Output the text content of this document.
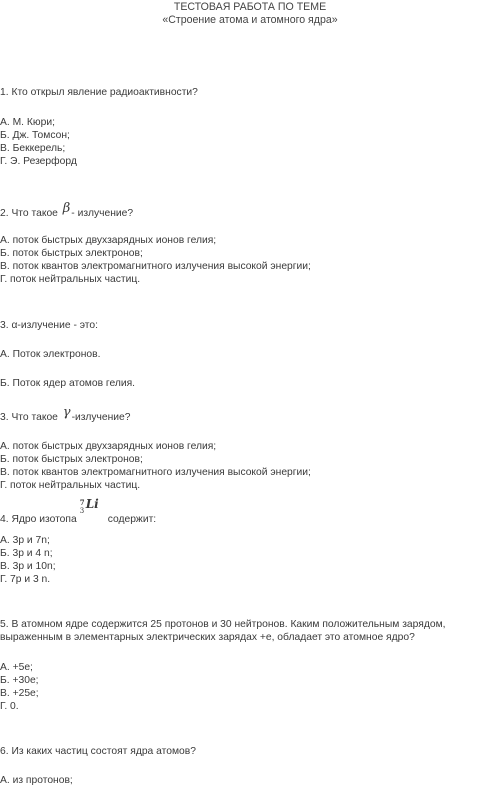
ТЕСТОВАЯ РАБОТА ПО ТЕМЕ
«Строение атома и атомного ядра»
1. Кто открыл явление радиоактивности?
А. М. Кюри;
Б. Дж. Томсон;
В. Беккерель;
Г. Э. Резерфорд
2. Что такое β- излучение?
А. поток быстрых двухзарядных ионов гелия;
Б. поток быстрых электронов;
В. поток квантов электромагнитного излучения высокой энергии;
Г. поток нейтральных частиц.
3. α-излучение - это:
А. Поток электронов.
Б. Поток ядер атомов гелия.
3. Что такое γ-излучение?
А. поток быстрых двухзарядных ионов гелия;
Б. поток быстрых электронов;
В. поток квантов электромагнитного излучения высокой энергии;
Г. поток нейтральных частиц.
4. Ядро изотопа
7
3 Li
содержит:
А. 3р и 7n;
Б. 3р и 4 n;
В. 3р и 10n;
Г. 7р и 3 n.
5. В атомном ядре содержится 25 протонов и 30 нейтронов. Каким положительным зарядом,
выраженным в элементарных электрических зарядах +е, обладает это атомное ядро?
А. +5е;
Б. +30е;
В. +25е;
Г. 0.
6. Из каких частиц состоят ядра атомов?
А. из протонов;
